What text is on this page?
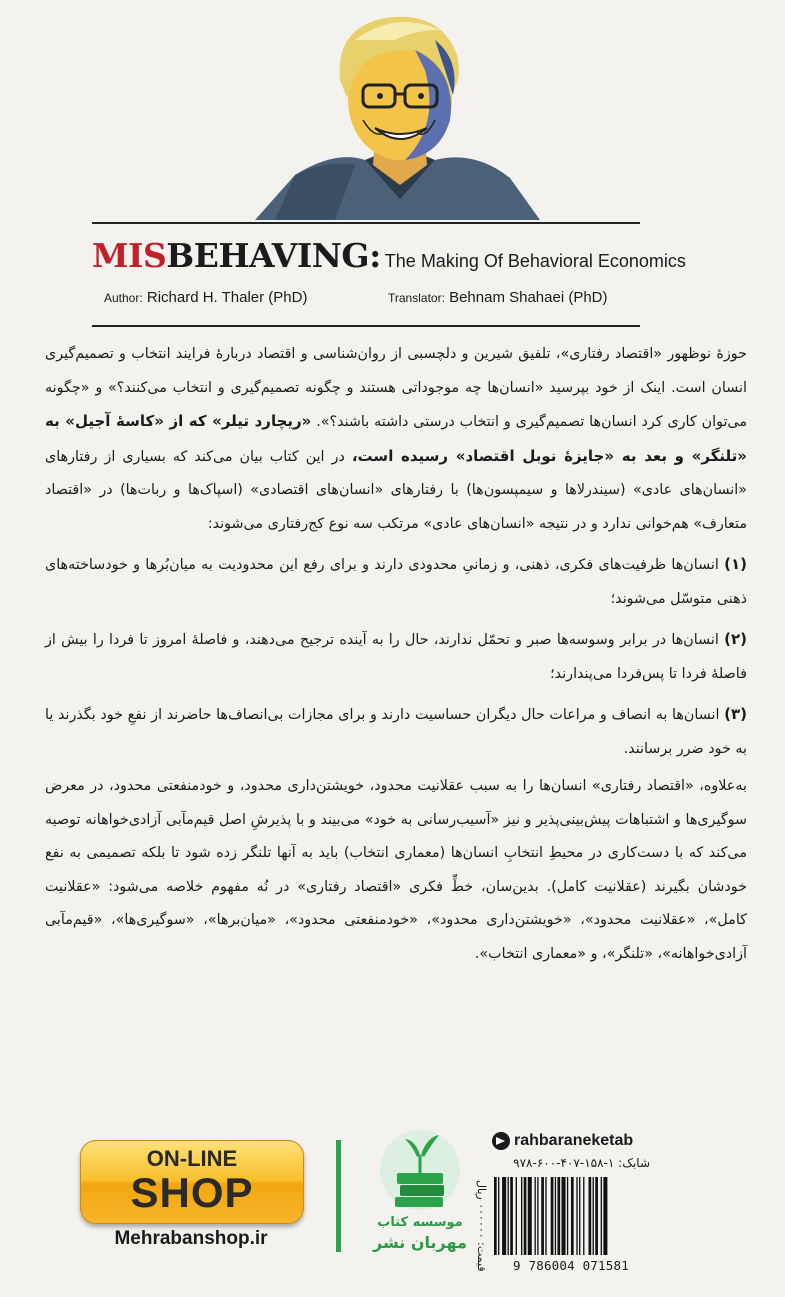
MISBEHAVING: The Making Of Behavioral Economics
Author: Richard H. Thaler (PhD)	Translator: Behnam Shahaei (PhD)

حوزهٔ نوظهور «اقتصاد رفتاری»، تلفیق شیرین و دلچسبی از روان‌شناسی و اقتصاد دربارهٔ فرایند انتخاب و تصمیم‌گیری انسان است. اینک از خود بپرسید «انسان‌ها چه موجوداتی هستند و چگونه تصمیم‌گیری و انتخاب می‌کنند؟» و «چگونه می‌توان کاری کرد انسان‌ها تصمیم‌گیری و انتخاب درستی داشته باشند؟». «ریچارد تیلر» که از «کاسهٔ آجیل» به «تلنگر» و بعد به «جایزهٔ نوبل اقتصاد» رسیده است، در این کتاب بیان می‌کند که بسیاری از رفتارهای «انسان‌های عادی» (سیندرلاها و سیمپسون‌ها) با رفتارهای «انسان‌های اقتصادی» (اسپاک‌ها و ربات‌ها) در «اقتصاد متعارف» هم‌خوانی ندارد و در نتیجه «انسان‌های عادی» مرتکب سه نوع کج‌رفتاری می‌شوند:

(۱) انسان‌ها ظرفیت‌های فکری، ذهنی، و زمانیِ محدودی دارند و برای رفع این محدودیت به میان‌بُرها و خودساخته‌های ذهنی متوسّل می‌شوند؛

(۲) انسان‌ها در برابر وسوسه‌ها صبر و تحمّل ندارند، حال را به آینده ترجیح می‌دهند، و فاصلهٔ امروز تا فردا را بیش از فاصلهٔ فردا تا پس‌فردا می‌پندارند؛

(۳) انسان‌ها به انصاف و مراعات حال دیگران حساسیت دارند و برای مجازات بی‌انصاف‌ها حاضرند از نفعِ خود بگذرند یا به خود ضرر برسانند.

به‌علاوه، «اقتصاد رفتاری» انسان‌ها را به سبب عقلانیت محدود، خویشتن‌داری محدود، و خودمنفعتی محدود، در معرض سوگیری‌ها و اشتباهات پیش‌بینی‌پذیر و نیز «آسیب‌رسانی به خود» می‌بیند و با پذیرشِ اصل قیم‌مآبی آزادی‌خواهانه توصیه می‌کند که با دست‌کاری در محیطِ انتخابِ انسان‌ها (معماری انتخاب) باید به آنها تلنگر زده شود تا بلکه تصمیمی به نفع خودشان بگیرند (عقلانیت کامل). بدین‌سان، خطِّ فکری «اقتصاد رفتاری» در نُه مفهوم خلاصه می‌شود: «عقلانیت کامل»، «عقلانیت محدود»، «خویشتن‌داری محدود»، «خودمنفعتی محدود»، «میان‌برها»، «سوگیری‌ها»، «قیم‌مآبی آزادی‌خواهانه»، «تلنگر»، و «معماری انتخاب».

ON-LINE
SHOP
Mehrabanshop.ir
موسسه کتاب
مهربان نشر
rahbaraneketab
شابک: ۱-۱۵۸-۴۰۷-۶۰۰-۹۷۸
قیمت: ۰۰۰۰۰۰ ریال	9 786004 071581
